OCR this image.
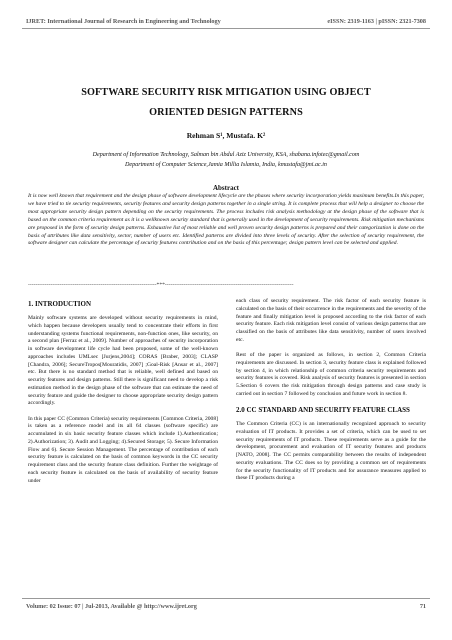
IJRET: International Journal of Research in Engineering and Technology	eISSN: 2319-1163 | pISSN: 2321-7308
SOFTWARE SECURITY RISK MITIGATION USING OBJECT
ORIENTED DESIGN PATTERNS
Rehman S¹, Mustafa. K²
Department of Information Technology, Salman bin Abdul Aziz University, KSA, shabana.infotec@gmail.com
Department of Computer Science,Jamia Millia Islamia, India, kmustafa@jmi.ac.in
Abstract
It is now well known that requirement and the design phase of software development lifecycle are the phases where security incorporation yields maximum benefits.In this paper, we have tried to tie security requirements, security features and security design patterns together in a single string. It is complete process that will help a designer to choose the most appropriate security design pattern depending on the security requirements. The process includes risk analysis methodology at the design phase of the software that is based on the common criteria requirement as it is a wellknown security standard that is generally used in the development of security requirements. Risk mitigation mechanisms are proposed in the form of security design patterns. Exhaustive list of most reliable and well proven security design patterns is prepared and their categorization is done on the basis of attributes like data sensitivity, sector, number of users etc. Identified patterns are divided into three levels of security. After the selection of security requirement, the software designer can calculate the percentage of security features contribution and on the basis of this percentage; design pattern level can be selected and applied.
---------------------------------------------------------------------***---------------------------------------------------------------------
1. INTRODUCTION

Mainly software systems are developed without security requirements in mind, which happen because developers usually tend to concentrate their efforts in first understanding systems functional requirements, non-function ones, like security, on a second plan [Ferraz et al., 2009]. Number of approaches of security incorporation in software development life cycle had been proposed, some of the well-known approaches includes UMLsec [Jurjens,2004]; CORAS [Braber, 2003]; CLASP [Chandra, 2006]; SecureTropos[Mouratidis, 2007] ;Goal-Risk [Ansar et al., 2007] etc. But there is no standard method that is reliable, well defined and based on security features and design patterns. Still there is significant need to develop a risk estimation method in the design phase of the software that can estimate the need of security feature and guide the designer to choose appropriate security design pattern accordingly.

In this paper CC (Common Criteria) security requirements [Common Criteria, 2008] is taken as a reference model and its all 64 classes (software specific) are accumulated in six basic security feature classes which include 1).Authentication; 2).Authorization; 3). Audit and Logging; 4).Secured Storage; 5). Secure Information Flow and 6). Secure Session Management. The percentage of contribution of each security feature is calculated on the basis of common keywords in the CC security requirement class and the security feature class definition. Further the weightage of each security feature is calculated on the basis of availability of security feature under

each class of security requirement. The risk factor of each security feature is calculated on the basis of their occurrence in the requirements and the severity of the feature and finally mitigation level is proposed according to the risk factor of each security feature. Each risk mitigation level consist of various design patterns that are classified on the basis of attributes like data sensitivity, number of users involved etc.

Rest of the paper is organized as follows, in section 2, Common Criteria requirements are discussed. In section 3, security feature class is explained followed by section 4, in which relationship of common criteria security requirements and security features is covered. Risk analysis of security features is presented in section 5.Section 6 covers the risk mitigation through design patterns and case study is carried out in section 7 followed by conclusion and future work in section 8.

2.0 CC STANDARD AND SECURITY FEATURE CLASS

The Common Criteria (CC) is an internationally recognized approach to security evaluation of IT products. It provides a set of criteria, which can be used to set security requirements of IT products. These requirements serve as a guide for the development, procurement and evaluation of IT security features and products [NATO, 2008]. The CC permits comparability between the results of independent security evaluations. The CC does so by providing a common set of requirements for the security functionality of IT products and for assurance measures applied to these IT products during a

Volume: 02 Issue: 07 | Jul-2013, Available @ http://www.ijret.org	71
